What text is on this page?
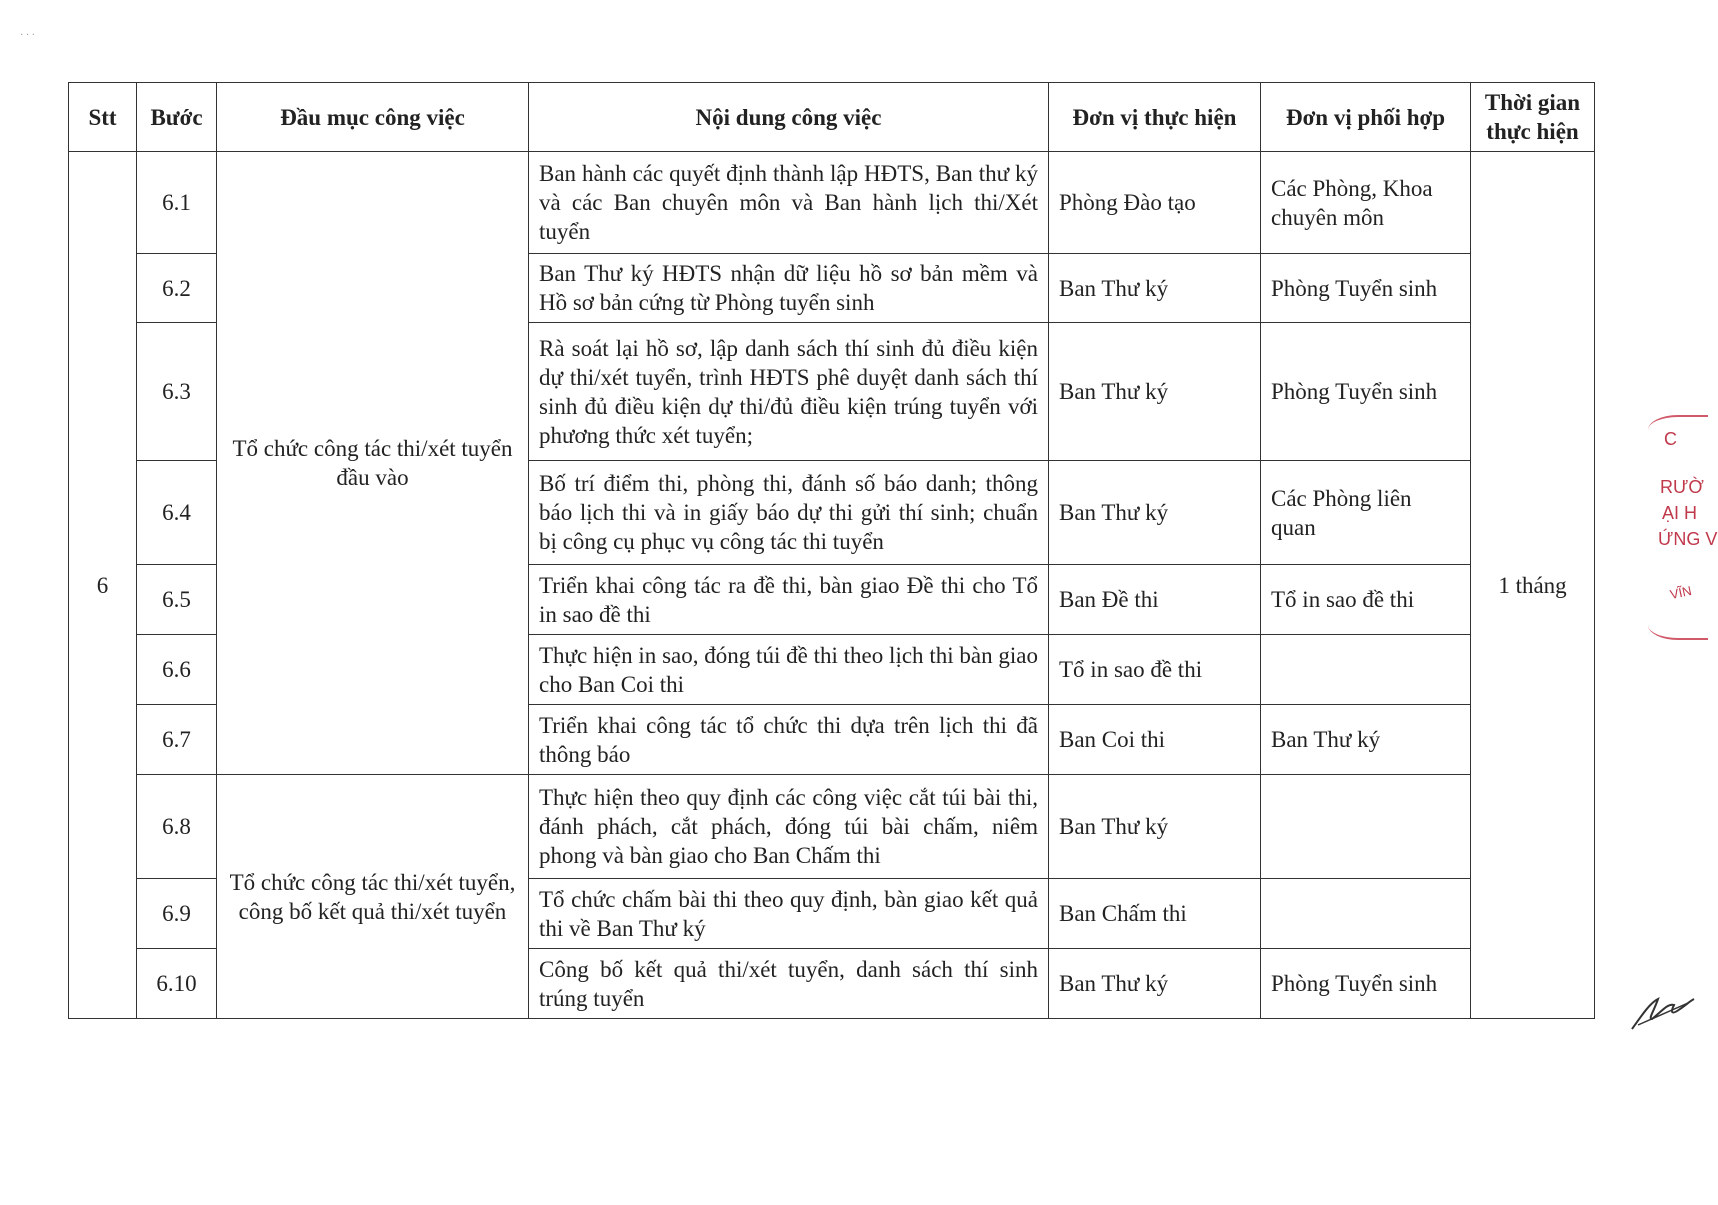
· · ·
Stt	Bước	Đầu mục công việc	Nội dung công việc	Đơn vị thực hiện	Đơn vị phối hợp	Thời gian thực hiện
6	6.1	Tổ chức công tác thi/xét tuyển đầu vào	Ban hành các quyết định thành lập HĐTS, Ban thư ký và các Ban chuyên môn và Ban hành lịch thi/Xét tuyển	Phòng Đào tạo	Các Phòng, Khoa chuyên môn	1 tháng
	6.2		Ban Thư ký HĐTS nhận dữ liệu hồ sơ bản mềm và Hồ sơ bản cứng từ Phòng tuyển sinh	Ban Thư ký	Phòng Tuyển sinh	
	6.3		Rà soát lại hồ sơ, lập danh sách thí sinh đủ điều kiện dự thi/xét tuyển, trình HĐTS phê duyệt danh sách thí sinh đủ điều kiện dự thi/đủ điều kiện trúng tuyển với phương thức xét tuyển;	Ban Thư ký	Phòng Tuyển sinh	
	6.4		Bố trí điểm thi, phòng thi, đánh số báo danh; thông báo lịch thi và in giấy báo dự thi gửi thí sinh; chuẩn bị công cụ phục vụ công tác thi tuyển	Ban Thư ký	Các Phòng liên quan	
	6.5		Triển khai công tác ra đề thi, bàn giao Đề thi cho Tổ in sao đề thi	Ban Đề thi	Tổ in sao đề thi	
	6.6		Thực hiện in sao, đóng túi đề thi theo lịch thi bàn giao cho Ban Coi thi	Tổ in sao đề thi		
	6.7		Triển khai công tác tổ chức thi dựa trên lịch thi đã thông báo	Ban Coi thi	Ban Thư ký	
	6.8	Tổ chức công tác thi/xét tuyển, công bố kết quả thi/xét tuyển	Thực hiện theo quy định các công việc cắt túi bài thi, đánh phách, cắt phách, đóng túi bài chấm, niêm phong và bàn giao cho Ban Chấm thi	Ban Thư ký		
	6.9		Tổ chức chấm bài thi theo quy định, bàn giao kết quả thi về Ban Thư ký	Ban Chấm thi		
	6.10		Công bố kết quả thi/xét tuyển, danh sách thí sinh trúng tuyển	Ban Thư ký	Phòng Tuyển sinh	
C
RƯỜ
ẠI H
ỨNG V
VĨN
